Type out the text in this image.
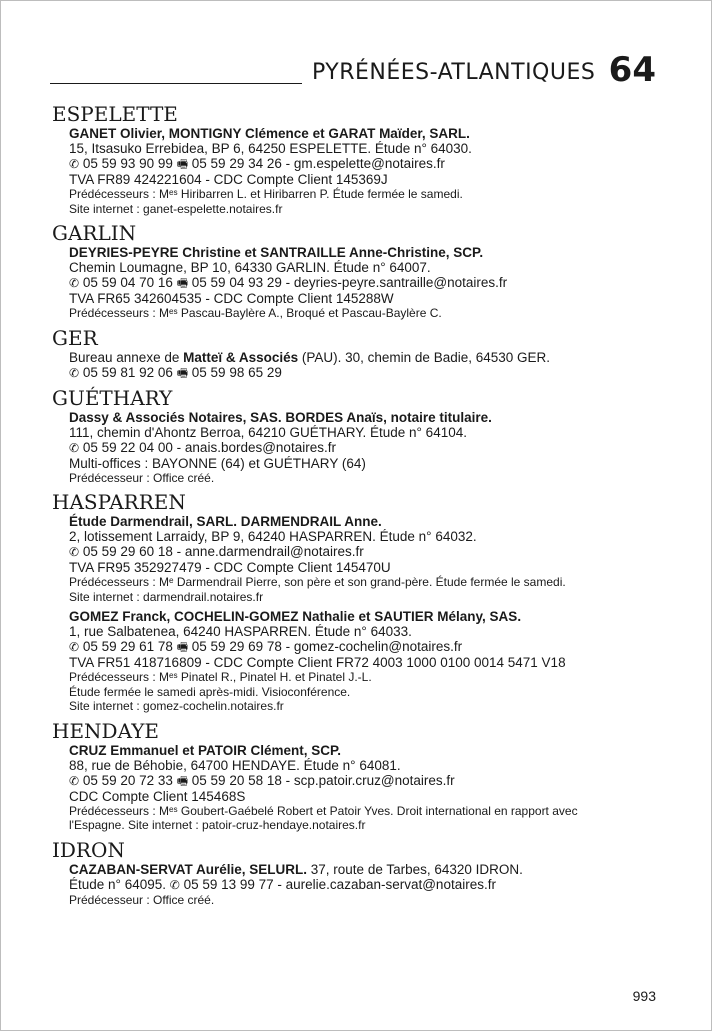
PYRÉNÉES-ATLANTIQUES 64
ESPELETTE
GANET Olivier, MONTIGNY Clémence et GARAT Maïder, SARL.
15, Itsasuko Errebidea, BP 6, 64250 ESPELETTE. Étude n° 64030.
✆ 05 59 93 90 99 🖷 05 59 29 34 26 - gm.espelette@notaires.fr
TVA FR89 424221604 - CDC Compte Client 145369J
Prédécesseurs : Mᵉˢ Hiribarren L. et Hiribarren P. Étude fermée le samedi.
Site internet : ganet-espelette.notaires.fr
GARLIN
DEYRIES-PEYRE Christine et SANTRAILLE Anne-Christine, SCP.
Chemin Loumagne, BP 10, 64330 GARLIN. Étude n° 64007.
✆ 05 59 04 70 16 🖷 05 59 04 93 29 - deyries-peyre.santraille@notaires.fr
TVA FR65 342604535 - CDC Compte Client 145288W
Prédécesseurs : Mᵉˢ Pascau-Baylère A., Broqué et Pascau-Baylère C.
GER
Bureau annexe de Matteï & Associés (PAU). 30, chemin de Badie, 64530 GER.
✆ 05 59 81 92 06 🖷 05 59 98 65 29
GUÉTHARY
Dassy & Associés Notaires, SAS. BORDES Anaïs, notaire titulaire.
111, chemin d'Ahontz Berroa, 64210 GUÉTHARY. Étude n° 64104.
✆ 05 59 22 04 00 - anais.bordes@notaires.fr
Multi-offices : BAYONNE (64) et GUÉTHARY (64)
Prédécesseur : Office créé.
HASPARREN
Étude Darmendrail, SARL. DARMENDRAIL Anne.
2, lotissement Larraidy, BP 9, 64240 HASPARREN. Étude n° 64032.
✆ 05 59 29 60 18 - anne.darmendrail@notaires.fr
TVA FR95 352927479 - CDC Compte Client 145470U
Prédécesseurs : Mᵉ Darmendrail Pierre, son père et son grand-père. Étude fermée le samedi.
Site internet : darmendrail.notaires.fr
GOMEZ Franck, COCHELIN-GOMEZ Nathalie et SAUTIER Mélany, SAS.
1, rue Salbatenea, 64240 HASPARREN. Étude n° 64033.
✆ 05 59 29 61 78 🖷 05 59 29 69 78 - gomez-cochelin@notaires.fr
TVA FR51 418716809 - CDC Compte Client FR72 4003 1000 0100 0014 5471 V18
Prédécesseurs : Mᵉˢ Pinatel R., Pinatel H. et Pinatel J.-L.
Étude fermée le samedi après-midi. Visioconférence.
Site internet : gomez-cochelin.notaires.fr
HENDAYE
CRUZ Emmanuel et PATOIR Clément, SCP.
88, rue de Béhobie, 64700 HENDAYE. Étude n° 64081.
✆ 05 59 20 72 33 🖷 05 59 20 58 18 - scp.patoir.cruz@notaires.fr
CDC Compte Client 145468S
Prédécesseurs : Mᵉˢ Goubert-Gaébelé Robert et Patoir Yves. Droit international en rapport avec
l'Espagne. Site internet : patoir-cruz-hendaye.notaires.fr
IDRON
CAZABAN-SERVAT Aurélie, SELURL. 37, route de Tarbes, 64320 IDRON.
Étude n° 64095. ✆ 05 59 13 99 77 - aurelie.cazaban-servat@notaires.fr
Prédécesseur : Office créé.
993
